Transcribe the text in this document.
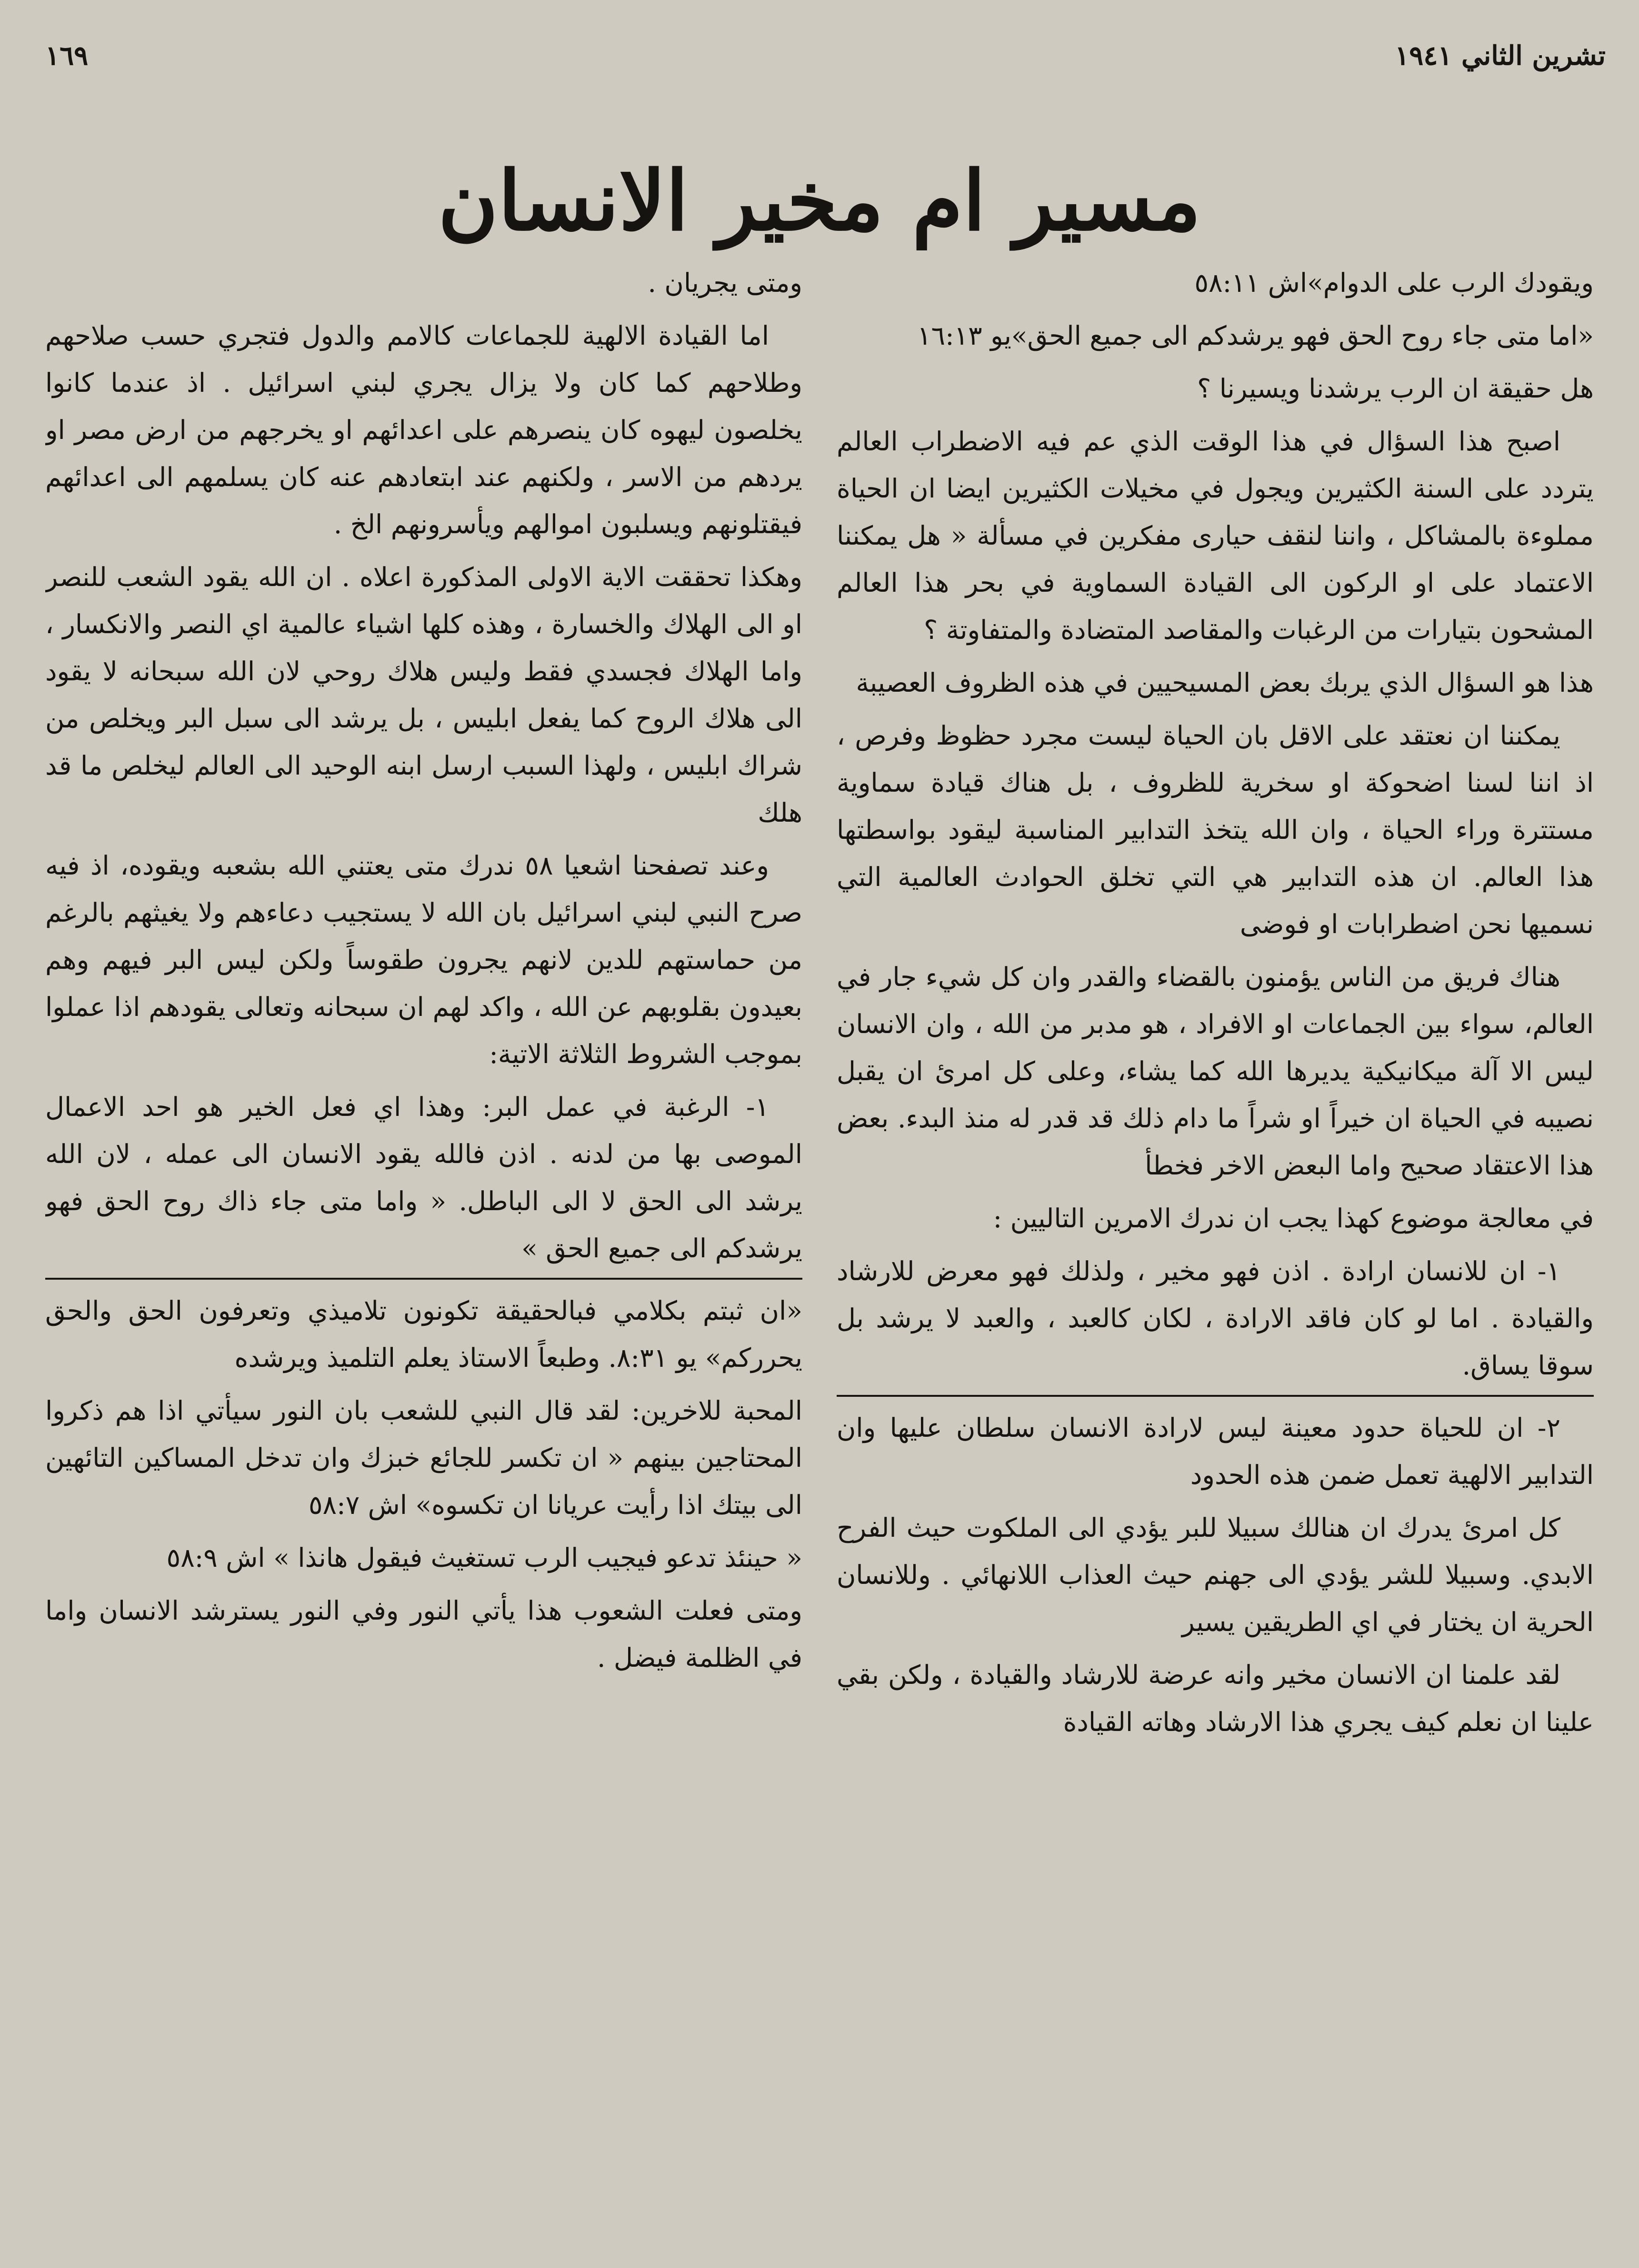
تشرين الثاني ١٩٤١
١٦٩
مسير ام مخير الانسان

ويقودك الرب على الدوام»اش ٥٨:١١

«اما متى جاء روح الحق فهو يرشدكم الى جميع الحق»يو ١٦:١٣

هل حقيقة ان الرب يرشدنا ويسيرنا ؟

اصبح هذا السؤال في هذا الوقت الذي عم فيه الاضطراب العالم يتردد على السنة الكثيرين ويجول في مخيلات الكثيرين ايضا ان الحياة مملوءة بالمشاكل ، واننا لنقف حيارى مفكرين في مسألة « هل يمكننا الاعتماد على او الركون الى القيادة السماوية في بحر هذا العالم المشحون بتيارات من الرغبات والمقاصد المتضادة والمتفاوتة ؟

هذا هو السؤال الذي يربك بعض المسيحيين في هذه الظروف العصيبة

يمكننا ان نعتقد على الاقل بان الحياة ليست مجرد حظوظ وفرص ، اذ اننا لسنا اضحوكة او سخرية للظروف ، بل هناك قيادة سماوية مستترة وراء الحياة ، وان الله يتخذ التدابير المناسبة ليقود بواسطتها هذا العالم. ان هذه التدابير هي التي تخلق الحوادث العالمية التي نسميها نحن اضطرابات او فوضى

هناك فريق من الناس يؤمنون بالقضاء والقدر وان كل شيء جار في العالم، سواء بين الجماعات او الافراد ، هو مدبر من الله ، وان الانسان ليس الا آلة ميكانيكية يديرها الله كما يشاء، وعلى كل امرئ ان يقبل نصيبه في الحياة ان خيراً او شراً ما دام ذلك قد قدر له منذ البدء. بعض هذا الاعتقاد صحيح واما البعض الاخر فخطأ

في معالجة موضوع كهذا يجب ان ندرك الامرين التاليين :

١- ان للانسان ارادة . اذن فهو مخير ، ولذلك فهو معرض للارشاد والقيادة . اما لو كان فاقد الارادة ، لكان كالعبد ، والعبد لا يرشد بل سوقا يساق.

٢- ان للحياة حدود معينة ليس لارادة الانسان سلطان عليها وان التدابير الالهية تعمل ضمن هذه الحدود

كل امرئ يدرك ان هنالك سبيلا للبر يؤدي الى الملكوت حيث الفرح الابدي. وسبيلا للشر يؤدي الى جهنم حيث العذاب اللانهائي . وللانسان الحرية ان يختار في اي الطريقين يسير

لقد علمنا ان الانسان مخير وانه عرضة للارشاد والقيادة ، ولكن بقي علينا ان نعلم كيف يجري هذا الارشاد وهاته القيادة

ومتى يجريان .

اما القيادة الالهية للجماعات كالامم والدول فتجري حسب صلاحهم وطلاحهم كما كان ولا يزال يجري لبني اسرائيل . اذ عندما كانوا يخلصون ليهوه كان ينصرهم على اعدائهم او يخرجهم من ارض مصر او يردهم من الاسر ، ولكنهم عند ابتعادهم عنه كان يسلمهم الى اعدائهم فيقتلونهم ويسلبون اموالهم ويأسرونهم الخ .

وهكذا تحققت الاية الاولى المذكورة اعلاه . ان الله يقود الشعب للنصر او الى الهلاك والخسارة ، وهذه كلها اشياء عالمية اي النصر والانكسار ، واما الهلاك فجسدي فقط وليس هلاك روحي لان الله سبحانه لا يقود الى هلاك الروح كما يفعل ابليس ، بل يرشد الى سبل البر ويخلص من شراك ابليس ، ولهذا السبب ارسل ابنه الوحيد الى العالم ليخلص ما قد هلك

وعند تصفحنا اشعيا ٥٨ ندرك متى يعتني الله بشعبه ويقوده، اذ فيه صرح النبي لبني اسرائيل بان الله لا يستجيب دعاءهم ولا يغيثهم بالرغم من حماستهم للدين لانهم يجرون طقوساً ولكن ليس البر فيهم وهم بعيدون بقلوبهم عن الله ، واكد لهم ان سبحانه وتعالى يقودهم اذا عملوا بموجب الشروط الثلاثة الاتية:

١- الرغبة في عمل البر: وهذا اي فعل الخير هو احد الاعمال الموصى بها من لدنه . اذن فالله يقود الانسان الى عمله ، لان الله يرشد الى الحق لا الى الباطل. « واما متى جاء ذاك روح الحق فهو يرشدكم الى جميع الحق »

«ان ثبتم بكلامي فبالحقيقة تكونون تلاميذي وتعرفون الحق والحق يحرركم» يو ٨:٣١. وطبعاً الاستاذ يعلم التلميذ ويرشده

المحبة للاخرين: لقد قال النبي للشعب بان النور سيأتي اذا هم ذكروا المحتاجين بينهم « ان تكسر للجائع خبزك وان تدخل المساكين التائهين الى بيتك اذا رأيت عريانا ان تكسوه» اش ٥٨:٧

« حينئذ تدعو فيجيب الرب تستغيث فيقول هانذا » اش ٥٨:٩

ومتى فعلت الشعوب هذا يأتي النور وفي النور يسترشد الانسان واما في الظلمة فيضل .
